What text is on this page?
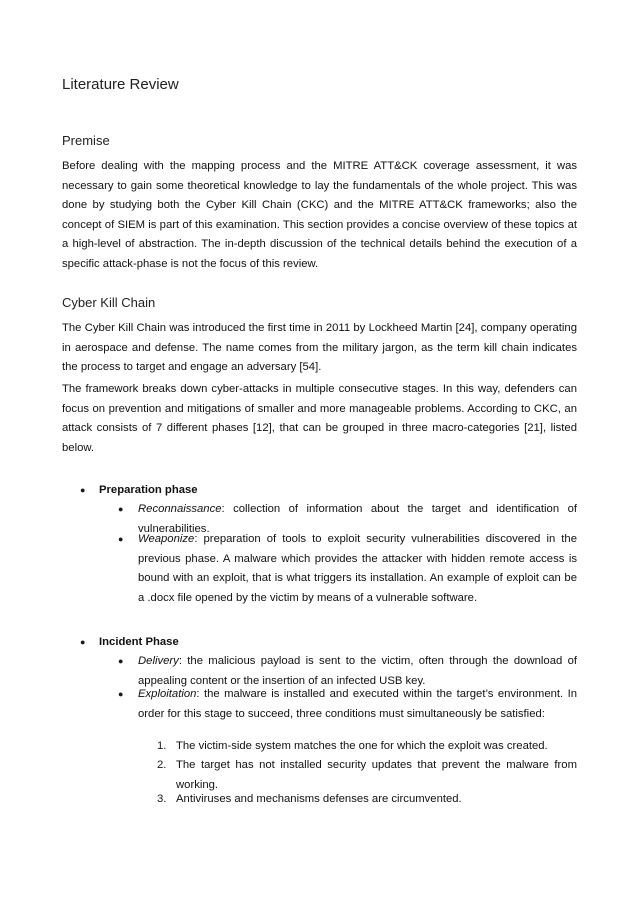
Literature Review
Premise

Before dealing with the mapping process and the MITRE ATT&CK coverage assessment, it was necessary to gain some theoretical knowledge to lay the fundamentals of the whole project. This was done by studying both the Cyber Kill Chain (CKC) and the MITRE ATT&CK frameworks; also the concept of SIEM is part of this examination. This section provides a concise overview of these topics at a high-level of abstraction. The in-depth discussion of the technical details behind the execution of a specific attack-phase is not the focus of this review.

Cyber Kill Chain

The Cyber Kill Chain was introduced the first time in 2011 by Lockheed Martin [24], company operating in aerospace and defense. The name comes from the military jargon, as the term kill chain indicates the process to target and engage an adversary [54].

The framework breaks down cyber-attacks in multiple consecutive stages. In this way, defenders can focus on prevention and mitigations of smaller and more manageable problems. According to CKC, an attack consists of 7 different phases [12], that can be grouped in three macro-categories [21], listed below.

● Preparation phase
● Reconnaissance: collection of information about the target and identification of vulnerabilities.

● Weaponize: preparation of tools to exploit security vulnerabilities discovered in the previous phase. A malware which provides the attacker with hidden remote access is bound with an exploit, that is what triggers its installation. An example of exploit can be a .docx file opened by the victim by means of a vulnerable software.

● Incident Phase
● Delivery: the malicious payload is sent to the victim, often through the download of appealing content or the insertion of an infected USB key.

● Exploitation: the malware is installed and executed within the target’s environment. In order for this stage to succeed, three conditions must simultaneously be satisfied:

1. The victim-side system matches the one for which the exploit was created.

2. The target has not installed security updates that prevent the malware from working.

3. Antiviruses and mechanisms defenses are circumvented.
